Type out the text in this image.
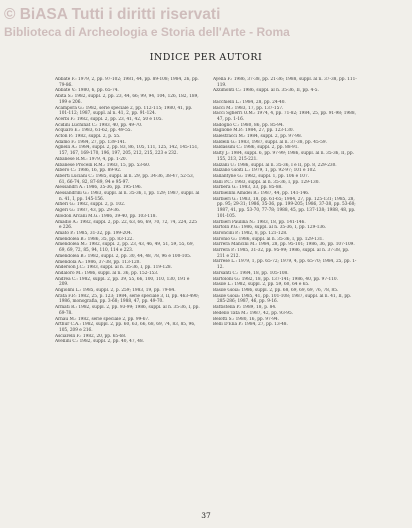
© BiASA Tutti i diritti riservati
Biblioteca di Archeologia e Storia dell'Arte - Roma
INDICE PER AUTORI
Abbate F.: 1979, 2, pp. 97-102; 1981, 44, pp. 89-108; 1984, 26, pp. 79-86.
Abbate V.: 1980, 6, pp. 65-74.
Abita S.: 1982, suppl. 2, pp. 23, 44, 66; 99, 94, 104, 126, 182, 189, 199 e 206.
Acampora G.: 1982, serie speciale 2, pp. 112-115; 1980, 41, pp. 101-112; 1987, suppl. al n. 41, 2, pp. 91-124.
Acerbi F.: 1982, suppl. 2, pp. 23, 41, 42, 50 e 105.
Acidini Luchinat C.: 1983, 40, pp. 49-70.
Acquaro E.: 1983, 61-62, pp. 49-55.
Acton P.: 1982, suppl. 2, p. 55.
Adamo F.: 1984, 27, pp. 139-141.
Agnelli A.: 1984, suppl. 2, pp. 83, 86, 105, 111, 125, 142, 145-151, 157, 167, 169-170, 196, 197, 205, 212, 215, 223 e 232.
Albanese R.M.: 1979, 4, pp. 1-20.
Albanese Procelli R.M.: 1983, 15, pp. 53-60.
Albero C.: 1986, 16, pp. 89-92.
Alberti Luciani C.: 1985, suppl. al n. 29, pp. 34-36, 38-47, 52-53, 61, 66-74, 82, 87-89, 94 e 95-97.
Alessandri A.: 1986, 35-36, pp. 195-196.
Alessandrini G.: 1983, suppl. al n. 35-36, I, pp. 129; 1987, suppl. al n. 41, I, pp. 145-156.
Alfieri G.: 1982, suppl. 2, p. 102.
Algeri G.: 1987, 43, pp. 29-36.
Allodoli Arcani M.G.: 1986, 39-40, pp. 103-118.
Amadio A.: 1982, suppl. 2, pp. 22, 63, 66, 69, 70, 72, 74, 224, 225 e 226.
Amato P.: 1985, 31-32, pp. 199-204.
Amendolea B.: 1986, 35, pp. 83-122.
Amendolea M.: 1982, suppl. 2, pp. 23, 43, 46, 49, 51, 59, 55, 69, 69, 69, 72, 85, 94, 110, 114 e 223.
Amendolea B.: 1982, suppl. 2, pp. 30, 44, 48, 78, 96 e 100-105.
Amendola A.: 1986, 37-38, pp. 113-120.
Anderson J.C.: 1983, suppl. al n. 35-36, I, pp. 119-128.
Andaloro M.: 1986, suppl. al n. 36, pp. 152-153.
Andrea C.: 1982, suppl. 2, pp. 39, 55, 66, 100, 110, 130, 191 e 209.
Angiolini L.: 1985, suppl. 2, p. 259; 1983, 19, pp. 79-84.
Arata F.P.: 1982, 25, p. 123; 1984, serie speciale 3, II, pp. 463-490; 1986, monografia, pp. 3-68; 1988, 47, pp. 49-70.
Armati R.: 1982, suppl. 2, pp. 93-99; 1986, suppl. al n. 35-36, I, pp. 69-78.
Arnau M.: 1982, serie speciale 2, pp. 99-67.
Arthur C.A.: 1982, suppl. 2, pp. 60, 63, 66, 68, 69, 74, 83, 85, 96, 105, 209 e 216.
Asciarelli F.: 1982, 20, pp. 65-68.
Avellini C.: 1982, suppl. 2, pp. 40, 47, 48.
Ayella F.: 1986, 37-38, pp. 21-36; 1988, suppl. al n. 37-38, pp. 111-119.
Azzimonti C.: 1986, suppl. al n. 35-36, II, pp. 4-5.
Bacchielli L.: 1984, 28, pp. 24-40.
Bacci M.: 1983, 17, pp. 137-157.
Bacci Sgherri O.M.: 1974, 4, pp. 71-82; 1984, 25, pp. 91-98; 1988, 47, pp. 1-16.
Badoglio C.: 1980, 86, pp. 85-94.
Baglione M.P.: 1984, 27, pp. 123-130.
Balestracci M.: 1984, suppl. 2, pp. 97-98.
Baldelli G.: 1983, 1987, suppl. al n. 37-38, pp. 45-59.
Baldassini C.: 1986, suppl. 2, pp. 88-91.
Balty J.: 1984, suppl. 6, pp. 97-99; 1986, suppl. al n. 35-36, II, pp. 155, 213, 215-221.
Balzani U.: 1986, suppl. al n. 35-36, I e II, pp. 8, 229-230.
Balzano Gioiti L.: 1979, 1, pp. 92-97; 101 e 102.
Ballantyne G.: 1982, suppl. 1, pp. 106 e 107.
Balli P.C.: 1983, suppl. al n. 35-36, I, pp. 129-130.
Barbera G.: 1983, 33, pp. 85-88.
Barbiellini Amidei R.: 1987, 44, pp. 141-146.
Barbieri G.: 1983, 18, pp. 61-65; 1984, 27, pp. 125-131; 1985, 28, pp. 95; 29-31; 1986, 35-36, pp. 199-205; 1986, 37-38, pp. 53-60; 1987, 41, pp. 53-70, 77-78; 1988, 45, pp. 137-138; 1988, 48, pp. 101-105.
Barbieri Paulina N.: 1983, 18, pp. 141-146.
Bartolli P.G.: 1986, suppl. al n. 35-36, I, pp. 129-136.
Baroncini P.: 1982, 8, pp. 121-128.
Baronio G.: 1986, suppl. al n. 35-36, I, pp. 129-131.
Barrera Mancini M.: 1984, 28, pp. 95-101; 1986, 36, pp. 107-109.
Barrera P.: 1985, 31-32, pp. 95-99; 1986, suppl. al n. 37-38, pp. 211 e 212.
Barrese L.: 1979, 1, pp. 65-72; 1979, 4, pp. 65-70; 1984, 25, pp. 1-12.
Barsanti C.: 1984, 18, pp. 105-108.
Bartoloni G.: 1982, 18, pp. 137-141; 1986, 40, pp. 97-110.
Basile L.: 1982, suppl. 2, pp. 59, 60, 64 e 65.
Basile Gioia: 1986, suppl. 2, pp. 68, 69, 69, 69, 76, 78, 85.
Basile Gioia: 1985, 41, pp. 101-108; 1987, suppl. al n. 41, II, pp. 285-286; 1987, 46, pp. 9-16.
Battistella P.: 1989, 18, p. 84.
Bedello Tata M.: 1987, 42, pp. 93-95.
Belotti S.: 1980, 16, pp. 97-94.
Belli D'Elia P.: 1984, 27, pp. 13-48.
37
